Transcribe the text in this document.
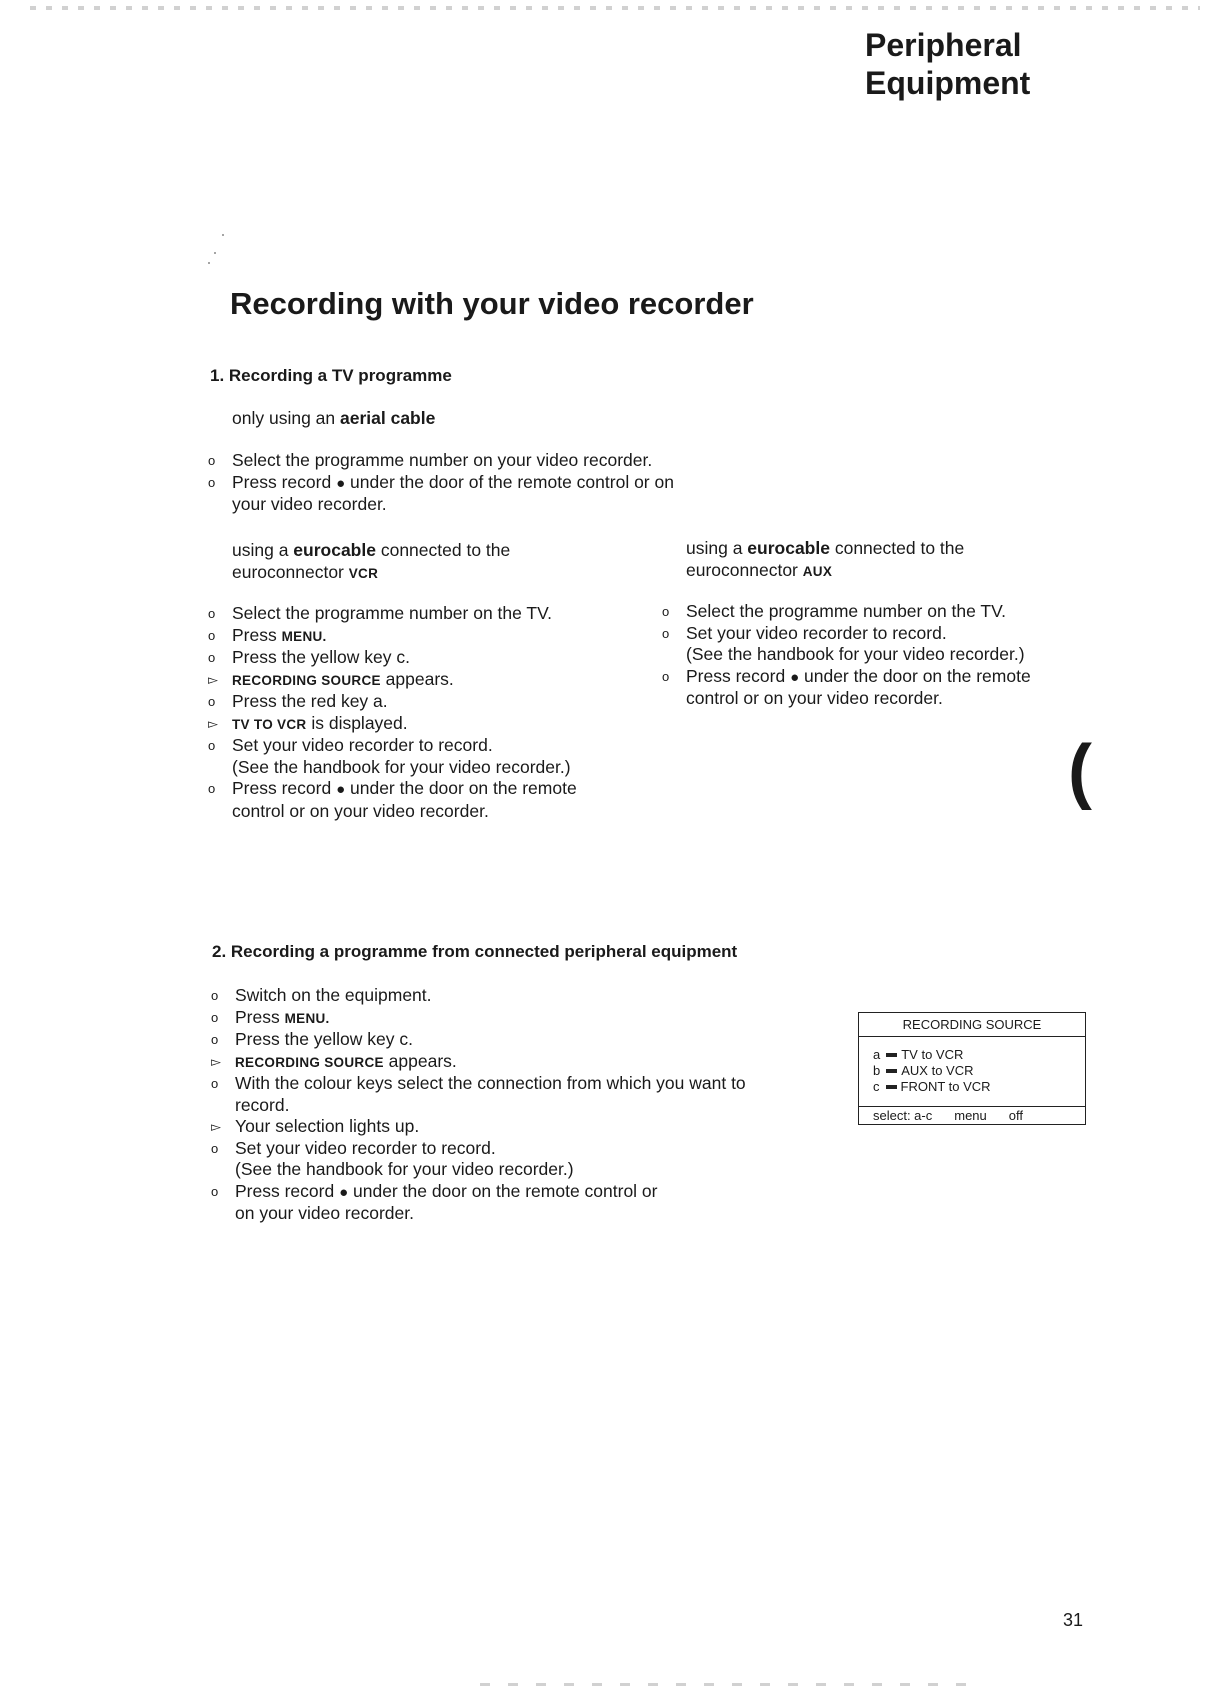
Peripheral
Equipment
Recording with your video recorder
1. Recording a TV programme
only using an aerial cable
o Select the programme number on your video recorder.
o Press record ● under the door of the remote control or on
your video recorder.
using a eurocable connected to the
euroconnector VCR
using a eurocable connected to the
euroconnector AUX
o Select the programme number on the TV.
o Press MENU.
o Press the yellow key c.
▻	RECORDING SOURCE appears.
o Press the red key a.
▻	TV TO VCR is displayed.
o Set your video recorder to record.
(See the handbook for your video recorder.)
o Press record ● under the door on the remote
control or on your video recorder.
o Select the programme number on the TV.
o Set your video recorder to record.
(See the handbook for your video recorder.)
o Press record ● under the door on the remote
control or on your video recorder.
(
2. Recording a programme from connected peripheral equipment
o Switch on the equipment.
o Press MENU.
o Press the yellow key c.
▻	RECORDING SOURCE appears.
o With the colour keys select the connection from which you want to
record.
▻ Your selection lights up.
o Set your video recorder to record.
(See the handbook for your video recorder.)
o Press record ● under the door on the remote control or
on your video recorder.
RECORDING SOURCE
a TV to VCR
b AUX to VCR
c FRONT to VCR
select: a-c menu off
31
